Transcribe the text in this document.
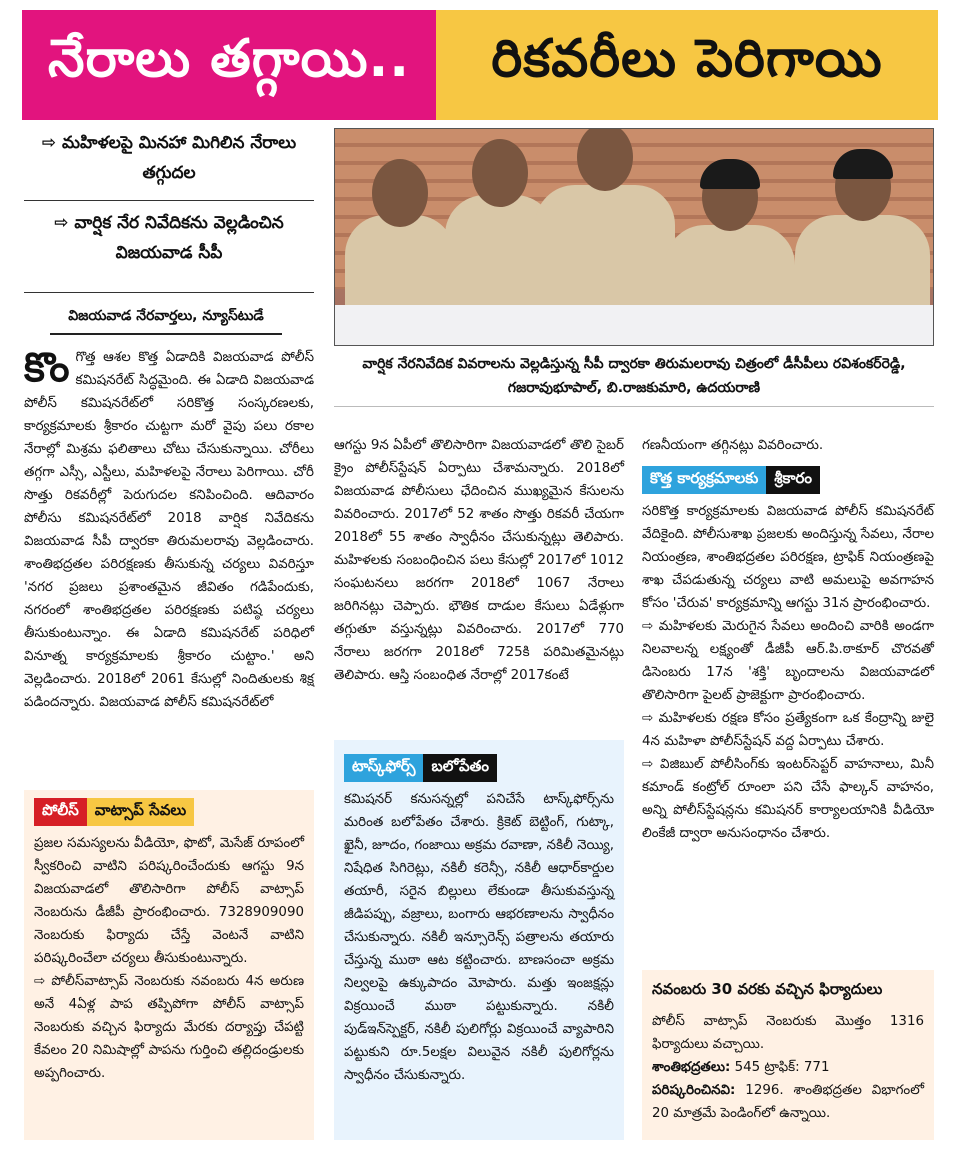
నేరాలు తగ్గాయి..	రికవరీలు పెరిగాయి
⇨ మహిళలపై మినహా మిగిలిన నేరాలు తగ్గుదల
⇨ వార్షిక నేర నివేదికను వెల్లడించిన విజయవాడ సీపీ
విజయవాడ నేరవార్తలు, న్యూస్‌టుడే
వార్షిక నేరనివేదిక వివరాలను వెల్లడిస్తున్న సీపీ ద్వారకా తిరుమలరావు చిత్రంలో డీసీపీలు రవిశంకర్‌రెడ్డి, గజరావుభూపాల్‌, బి.రాజకుమారి, ఉదయరాణి
కొం గొత్త ఆశల కొత్త ఏడాదికి విజయవాడ పోలీస్‌ కమిషనరేట్‌ సిద్ధమైంది. ఈ ఏడాది విజయవాడ పోలీస్‌ కమిషనరేట్‌లో సరికొత్త సంస్కరణలకు, కార్యక్రమాలకు శ్రీకారం చుట్టగా మరో వైపు పలు రకాల నేరాల్లో మిశ్రమ ఫలితాలు చోటు చేసుకున్నాయి. చోరీలు తగ్గగా ఎస్సీ, ఎస్టీలు, మహిళలపై నేరాలు పెరిగాయి. చోరీ సొత్తు రికవరీల్లో పెరుగుదల కనిపించింది. ఆదివారం పోలీసు కమిషనరేట్‌లో 2018 వార్షిక నివేదికను విజయవాడ సీపీ ద్వారకా తిరుమలరావు వెల్లడించారు. శాంతిభద్రతల పరిరక్షణకు తీసుకున్న చర్యలు వివరిస్తూ 'నగర ప్రజలు ప్రశాంతమైన జీవితం గడిపేందుకు, నగరంలో శాంతిభద్రతల పరిరక్షణకు పటిష్ఠ చర్యలు తీసుకుంటున్నాం. ఈ ఏడాది కమిషనరేట్‌ పరిధిలో వినూత్న కార్యక్రమాలకు శ్రీకారం చుట్టాం.' అని వెల్లడించారు. 2018లో 2061 కేసుల్లో నిందితులకు శిక్ష పడిందన్నారు. విజయవాడ పోలీస్‌ కమిషనరేట్‌లో

ఆగస్టు 9న ఏపీలో తొలిసారిగా విజయవాడలో తొలి సైబర్‌ క్రైం పోలీస్‌స్టేషన్‌ ఏర్పాటు చేశామన్నారు. 2018లో విజయవాడ పోలీసులు ఛేదించిన ముఖ్యమైన కేసులను వివరించారు. 2017లో 52 శాతం సొత్తు రికవరీ చేయగా 2018లో 55 శాతం స్వాధీనం చేసుకున్నట్లు తెలిపారు. మహిళలకు సంబంధించిన పలు కేసుల్లో 2017లో 1012 సంఘటనలు జరగగా 2018లో 1067 నేరాలు జరిగినట్లు చెప్పారు. భౌతిక దాడుల కేసులు ఏడేళ్లుగా తగ్గుతూ వస్తున్నట్లు వివరించారు. 2017లో 770 నేరాలు జరగగా 2018లో 725కి పరిమితమైనట్లు తెలిపారు. ఆస్తి సంబంధిత నేరాల్లో 2017కంటే

గణనీయంగా తగ్గినట్లు వివరించారు.

కొత్త కార్యక్రమాలకు	శ్రీకారం

సరికొత్త కార్యక్రమాలకు విజయవాడ పోలీస్‌ కమిషనరేట్‌ వేదికైంది. పోలీసుశాఖ ప్రజలకు అందిస్తున్న సేవలు, నేరాల నియంత్రణ, శాంతిభద్రతల పరిరక్షణ, ట్రాఫిక్‌ నియంత్రణపై శాఖ చేపడుతున్న చర్యలు వాటి అమలుపై అవగాహన కోసం 'చేరువ' కార్యక్రమాన్ని ఆగస్టు 31న ప్రారంభించారు.

⇨ మహిళలకు మెరుగైన సేవలు అందించి వారికి అండగా నిలవాలన్న లక్ష్యంతో డీజీపీ ఆర్‌.పి.ఠాకూర్‌ చొరవతో డిసెంబరు 17న 'శక్తి' బృందాలను విజయవాడలో తొలిసారిగా పైలట్‌ ప్రాజెక్టుగా ప్రారంభించారు.

⇨ మహిళలకు రక్షణ కోసం ప్రత్యేకంగా ఒక కేంద్రాన్ని జులై 4న మహిళా పోలీస్‌స్టేషన్‌ వద్ద ఏర్పాటు చేశారు.

⇨ విజిబుల్‌ పోలీసింగ్‌కు ఇంటర్‌సెప్టర్‌ వాహనాలు, మినీ కమాండ్‌ కంట్రోల్‌ రూంలా పని చేసే ఫాల్కన్‌ వాహనం, అన్ని పోలీస్‌స్టేషన్లను కమిషనర్‌ కార్యాలయానికి వీడియో లింకేజీ ద్వారా అనుసంధానం చేశారు.

పోలీస్‌	వాట్సాప్‌ సేవలు

ప్రజల సమస్యలను వీడియో, ఫొటో, మెసేజ్‌ రూపంలో స్వీకరించి వాటిని పరిష్కరించేందుకు ఆగస్టు 9న విజయవాడలో తొలిసారిగా పోలీస్‌ వాట్సాప్‌ నెంబరును డీజీపీ ప్రారంభించారు. 7328909090 నెంబరుకు ఫిర్యాదు చేస్తే వెంటనే వాటిని పరిష్కరించేలా చర్యలు తీసుకుంటున్నారు.

⇨ పోలీస్‌వాట్సాప్‌ నెంబరుకు నవంబరు 4న అరుణ అనే 4ఏళ్ల పాప తప్పిపోగా పోలీస్‌ వాట్సాప్‌ నెంబరుకు వచ్చిన ఫిర్యాదు మేరకు దర్యాప్తు చేపట్టి కేవలం 20 నిమిషాల్లో పాపను గుర్తించి తల్లిదండ్రులకు అప్పగించారు.

టాస్క్‌ఫోర్స్‌	బలోపేతం

కమిషనర్‌ కనుసన్నల్లో పనిచేసే టాస్క్‌ఫోర్స్‌ను మరింత బలోపేతం చేశారు. క్రికెట్‌ బెట్టింగ్‌, గుట్కా, ఖైనీ, జూదం, గంజాయి అక్రమ రవాణా, నకిలీ నెయ్యి, నిషేధిత సిగిరెట్లు, నకిలీ కరెన్సీ, నకిలీ ఆధార్‌కార్డుల తయారీ, సరైన బిల్లులు లేకుండా తీసుకువస్తున్న జీడిపప్పు, వజ్రాలు, బంగారు ఆభరణాలను స్వాధీనం చేసుకున్నారు. నకిలీ ఇన్సూరెన్స్‌ పత్రాలను తయారు చేస్తున్న ముఠా ఆట కట్టించారు. బాణసంచా అక్రమ నిల్వలపై ఉక్కుపాదం మోపారు. మత్తు ఇంజక్షన్లు విక్రయించే ముఠా పట్టుకున్నారు. నకిలీ పుడ్‌ఇన్‌స్పెక్టర్‌, నకిలీ పులిగోర్లు విక్రయించే వ్యాపారిని పట్టుకుని రూ.5లక్షల విలువైన నకిలీ పులిగోర్లను స్వాధీనం చేసుకున్నారు.

నవంబరు 30 వరకు వచ్చిన ఫిర్యాదులు

పోలీస్‌ వాట్సాప్‌ నెంబరుకు మొత్తం 1316 ఫిర్యాదులు వచ్చాయి.

శాంతిభద్రతలు: 545 ట్రాఫిక్‌: 771

పరిష్కరించినవి: 1296. శాంతిభద్రతల విభాగంలో 20 మాత్రమే పెండింగ్‌లో ఉన్నాయి.
